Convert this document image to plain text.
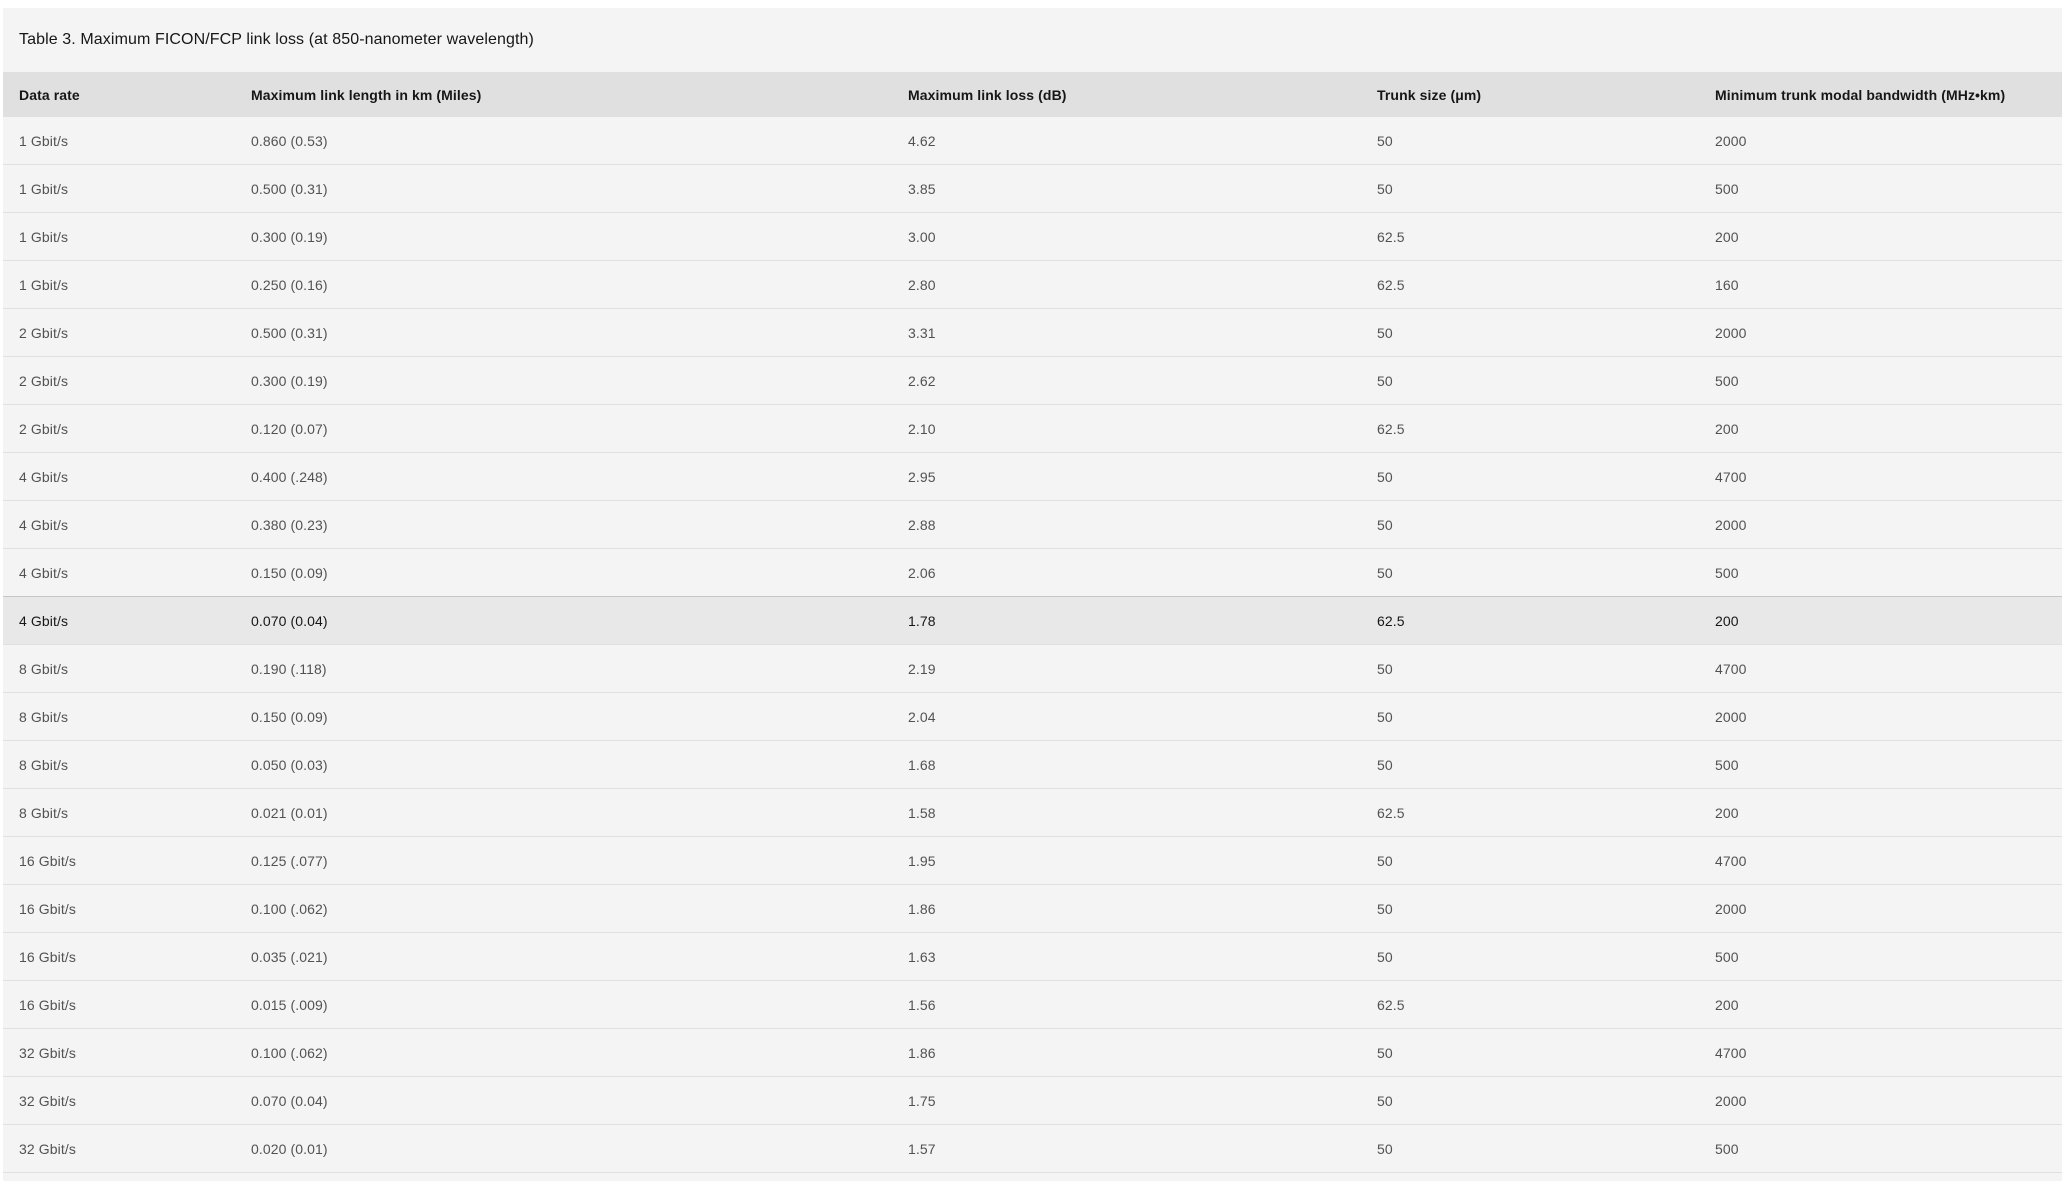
Table 3. Maximum FICON/FCP link loss (at 850-nanometer wavelength)
Data rate	Maximum link length in km (Miles)	Maximum link loss (dB)	Trunk size (μm)	Minimum trunk modal bandwidth (MHz•km)
1 Gbit/s	0.860 (0.53)	4.62	50	2000
1 Gbit/s	0.500 (0.31)	3.85	50	500
1 Gbit/s	0.300 (0.19)	3.00	62.5	200
1 Gbit/s	0.250 (0.16)	2.80	62.5	160
2 Gbit/s	0.500 (0.31)	3.31	50	2000
2 Gbit/s	0.300 (0.19)	2.62	50	500
2 Gbit/s	0.120 (0.07)	2.10	62.5	200
4 Gbit/s	0.400 (.248)	2.95	50	4700
4 Gbit/s	0.380 (0.23)	2.88	50	2000
4 Gbit/s	0.150 (0.09)	2.06	50	500
4 Gbit/s	0.070 (0.04)	1.78	62.5	200
8 Gbit/s	0.190 (.118)	2.19	50	4700
8 Gbit/s	0.150 (0.09)	2.04	50	2000
8 Gbit/s	0.050 (0.03)	1.68	50	500
8 Gbit/s	0.021 (0.01)	1.58	62.5	200
16 Gbit/s	0.125 (.077)	1.95	50	4700
16 Gbit/s	0.100 (.062)	1.86	50	2000
16 Gbit/s	0.035 (.021)	1.63	50	500
16 Gbit/s	0.015 (.009)	1.56	62.5	200
32 Gbit/s	0.100 (.062)	1.86	50	4700
32 Gbit/s	0.070 (0.04)	1.75	50	2000
32 Gbit/s	0.020 (0.01)	1.57	50	500
